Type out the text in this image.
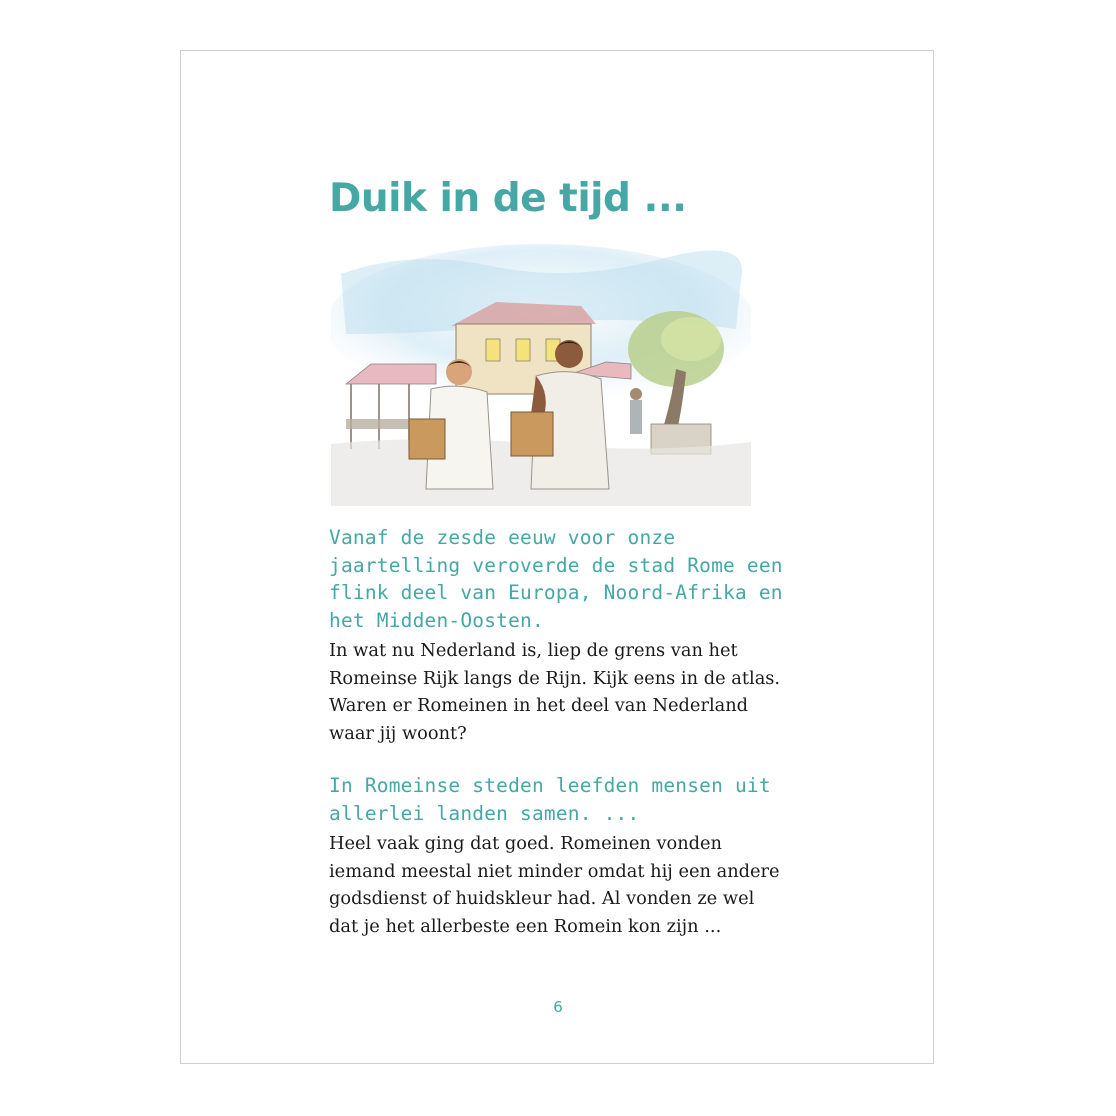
Duik in de tijd ...

Vanaf de zesde eeuw voor onze jaartelling veroverde de stad Rome een flink deel van Europa, Noord-Afrika en het Midden-Oosten.

In wat nu Nederland is, liep de grens van het Romeinse Rijk langs de Rijn. Kijk eens in de atlas. Waren er Romeinen in het deel van Nederland waar jij woont?

In Romeinse steden leefden mensen uit allerlei landen samen. ...

Heel vaak ging dat goed. Romeinen vonden iemand meestal niet minder omdat hij een andere godsdienst of huidskleur had. Al vonden ze wel dat je het allerbeste een Romein kon zijn ...

6
